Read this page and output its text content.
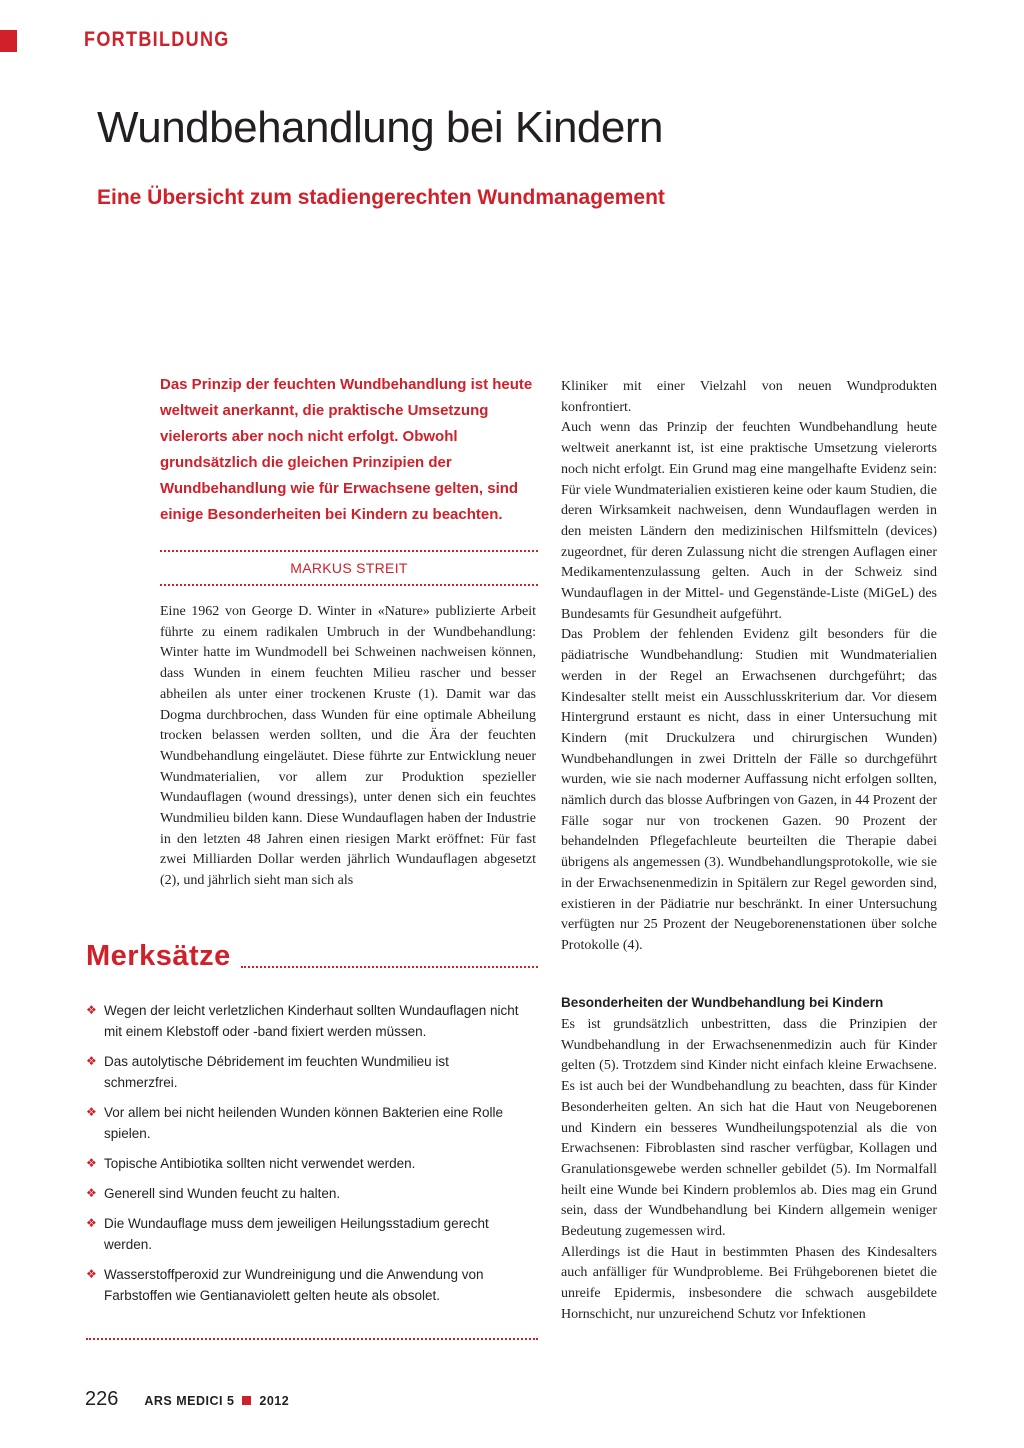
FORTBILDUNG
Wundbehandlung bei Kindern
Eine Übersicht zum stadiengerechten Wundmanagement

Das Prinzip der feuchten Wundbehandlung ist heute weltweit anerkannt, die praktische Umsetzung vielerorts aber noch nicht erfolgt. Obwohl grundsätzlich die gleichen Prinzipien der Wundbehandlung wie für Erwachsene gelten, sind einige Besonderheiten bei Kindern zu beachten.

MARKUS STREIT

Eine 1962 von George D. Winter in «Nature» publizierte Arbeit führte zu einem radikalen Umbruch in der Wundbehandlung: Winter hatte im Wundmodell bei Schweinen nachweisen können, dass Wunden in einem feuchten Milieu rascher und besser abheilen als unter einer trockenen Kruste (1). Damit war das Dogma durchbrochen, dass Wunden für eine optimale Abheilung trocken belassen werden sollten, und die Ära der feuchten Wundbehandlung eingeläutet. Diese führte zur Entwicklung neuer Wundmaterialien, vor allem zur Produktion spezieller Wundauflagen (wound dressings), unter denen sich ein feuchtes Wundmilieu bilden kann. Diese Wundauflagen haben der Industrie in den letzten 48 Jahren einen riesigen Markt eröffnet: Für fast zwei Milliarden Dollar werden jährlich Wundauflagen abgesetzt (2), und jährlich sieht man sich als

Kliniker mit einer Vielzahl von neuen Wundprodukten konfrontiert.

Auch wenn das Prinzip der feuchten Wundbehandlung heute weltweit anerkannt ist, ist eine praktische Umsetzung vielerorts noch nicht erfolgt. Ein Grund mag eine mangelhafte Evidenz sein: Für viele Wundmaterialien existieren keine oder kaum Studien, die deren Wirksamkeit nachweisen, denn Wundauflagen werden in den meisten Ländern den medizinischen Hilfsmitteln (devices) zugeordnet, für deren Zulassung nicht die strengen Auflagen einer Medikamentenzulassung gelten. Auch in der Schweiz sind Wundauflagen in der Mittel- und Gegenstände-Liste (MiGeL) des Bundesamts für Gesundheit aufgeführt.

Das Problem der fehlenden Evidenz gilt besonders für die pädiatrische Wundbehandlung: Studien mit Wundmaterialien werden in der Regel an Erwachsenen durchgeführt; das Kindesalter stellt meist ein Ausschlusskriterium dar. Vor diesem Hintergrund erstaunt es nicht, dass in einer Untersuchung mit Kindern (mit Druckulzera und chirurgischen Wunden) Wundbehandlungen in zwei Dritteln der Fälle so durchgeführt wurden, wie sie nach moderner Auffassung nicht erfolgen sollten, nämlich durch das blosse Aufbringen von Gazen, in 44 Prozent der Fälle sogar nur von trockenen Gazen. 90 Prozent der behandelnden Pflegefachleute beurteilten die Therapie dabei übrigens als angemessen (3). Wundbehandlungsprotokolle, wie sie in der Erwachsenenmedizin in Spitälern zur Regel geworden sind, existieren in der Pädiatrie nur beschränkt. In einer Untersuchung verfügten nur 25 Prozent der Neugeborenenstationen über solche Protokolle (4).

Besonderheiten der Wundbehandlung bei Kindern

Es ist grundsätzlich unbestritten, dass die Prinzipien der Wundbehandlung in der Erwachsenenmedizin auch für Kinder gelten (5). Trotzdem sind Kinder nicht einfach kleine Erwachsene. Es ist auch bei der Wundbehandlung zu beachten, dass für Kinder Besonderheiten gelten. An sich hat die Haut von Neugeborenen und Kindern ein besseres Wundheilungspotenzial als die von Erwachsenen: Fibroblasten sind rascher verfügbar, Kollagen und Granulationsgewebe werden schneller gebildet (5). Im Normalfall heilt eine Wunde bei Kindern problemlos ab. Dies mag ein Grund sein, dass der Wundbehandlung bei Kindern allgemein weniger Bedeutung zugemessen wird.

Allerdings ist die Haut in bestimmten Phasen des Kindesalters auch anfälliger für Wundprobleme. Bei Frühgeborenen bietet die unreife Epidermis, insbesondere die schwach ausgebildete Hornschicht, nur unzureichend Schutz vor Infektionen

Merksätze
❖ Wegen der leicht verletzlichen Kinderhaut sollten Wundauflagen nicht mit einem Klebstoff oder -band fixiert werden müssen.
❖ Das autolytische Débridement im feuchten Wundmilieu ist schmerzfrei.
❖ Vor allem bei nicht heilenden Wunden können Bakterien eine Rolle spielen.
❖ Topische Antibiotika sollten nicht verwendet werden.
❖ Generell sind Wunden feucht zu halten.
❖ Die Wundauflage muss dem jeweiligen Heilungsstadium gerecht werden.
❖ Wasserstoffperoxid zur Wundreinigung und die Anwendung von Farbstoffen wie Gentianaviolett gelten heute als obsolet.
226 ARS MEDICI 5 2012
